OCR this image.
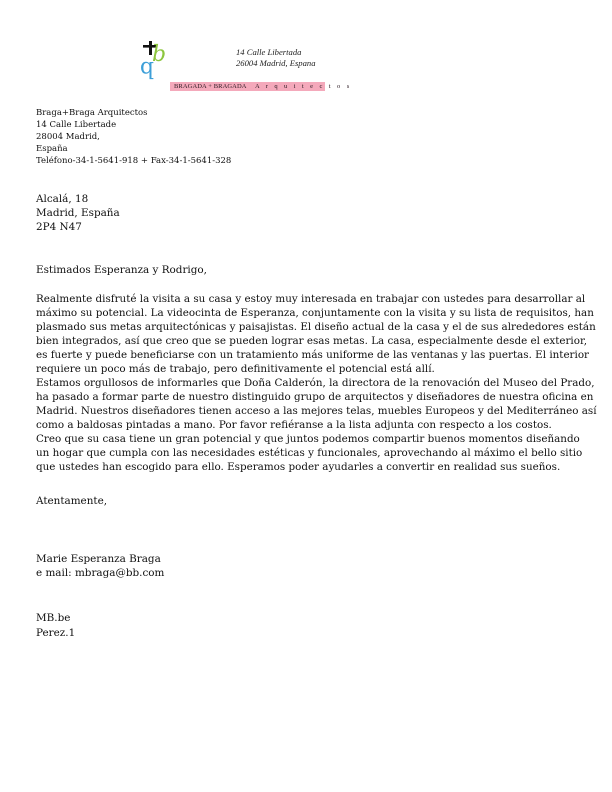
b
b
14 Calle Libertada
26004 Madrid, Espana
BRAGADA + BRAGADA A r q u i t e c t o s
Braga+Braga Arquitectos
14 Calle Libertade
28004 Madrid,
España
Teléfono-34-1-5641-918 + Fax-34-1-5641-328
Alcalá, 18
Madrid, España
2P4 N47
Estimados Esperanza y Rodrigo,
Realmente disfruté la visita a su casa y estoy muy interesada en trabajar con ustedes para desarrollar al
máximo su potencial. La videocinta de Esperanza, conjuntamente con la visita y su lista de requisitos, han
plasmado sus metas arquitectónicas y paisajistas. El diseño actual de la casa y el de sus alrededores están
bien integrados, así que creo que se pueden lograr esas metas. La casa, especialmente desde el exterior,
es fuerte y puede beneficiarse con un tratamiento más uniforme de las ventanas y las puertas. El interior
requiere un poco más de trabajo, pero definitivamente el potencial está allí.
Estamos orgullosos de informarles que Doña Calderón, la directora de la renovación del Museo del Prado,
ha pasado a formar parte de nuestro distinguido grupo de arquitectos y diseñadores de nuestra oficina en
Madrid. Nuestros diseñadores tienen acceso a las mejores telas, muebles Europeos y del Mediterráneo así
como a baldosas pintadas a mano. Por favor refiéranse a la lista adjunta con respecto a los costos.
Creo que su casa tiene un gran potencial y que juntos podemos compartir buenos momentos diseñando
un hogar que cumpla con las necesidades estéticas y funcionales, aprovechando al máximo el bello sitio
que ustedes han escogido para ello. Esperamos poder ayudarles a convertir en realidad sus sueños.
Atentamente,
Marie Esperanza Braga
e mail: mbraga@bb.com
MB.be
Perez.1
